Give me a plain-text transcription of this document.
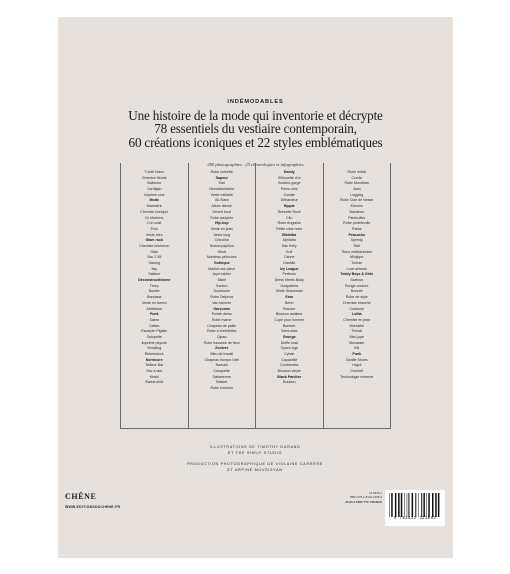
INDÉMODABLES
Une histoire de la mode qui inventorie et décrypte
78 essentiels du vestiaire contemporain,
60 créations iconiques et 22 styles emblématiques
280 photographies · 25 chronologies et infographies
T-shirt blanc
Chemise fleurie
Ballerine
Cardigan
Imprimé lune
Mods
Marinière
Chemise bonique
Dr Martens
Col roulé
Polo
Veste bleu
Glam rock
Chemise bûcheron
Gatu
Sac 2.55
Sarong
Itsy
Sailleur
Déconstructivisme
Trenç
Bustier
Bandana
Veste en tweed
Athleisure
Punk
Sabra
Caftan
Escarpin Pigalle
Salopette
Imprimé psyché
Smoking
Birkenstock
Normcore
Tailleur Bar
Sac à dos
Khaki
Sweat-shirt
Robe nuisette
Sapeur
Sari
Néoclassicisme
Veste militaire
All-Stars
Allure diesse
Desert boot
Robe sculptée
Hip-hop
Veste en jean
Veste long
Crinoline
Noeud papillon
Short
Manteau pétuches
Gothique
Maillot une pièce
Jupe-tablier
Bikini
Santon
Doudoune
Robe Delphos
Van bonnee
Garçonne
Pointe dress
Robe mame
Chapeau de paille
Robe à bretelettes
Qipao
Robe haussée de fleur
Zooters
Bleu de travail
Chapeau trompe-l'œil
Namaki
Casquette
Saharienne
Basket
Robe boutons
Dandy
Silhouette d'm
Soutien-gorge
Porno chic
Culotte
Débardeur
Hippie
Bresette Roxil
Cilu
Robe Anglaise
Petite robe noire
Bikiniba
Djellaba
Sac Kelly
Kufi
Canne
Dashiki
Ivy League
Perfecto
Dress Meets Body
Guayabera
Veste Shackman
Emo
Béret
Ravone
Blouson aviateur
Copé pour homme
Bomber
Semi-slice
Grunge
Duffle coat
Space Age
Cyban
Capadrille
Combinetta
Blouson vinyle
Black Panther
Boubou
Robe métal
Condo
Robe Mondrian
Jean
Legging
Robe Clair de Nesse
Kimono
Bandeau
Pantoufles
Robe portefeuille
Parka
Peacocks
Speedy
Rail
Tissu ombbarzinien
Minijupe
Turban
Love artwork
Teddy Boys & Girls
Sarbour
Rouge couture
Bonnet
Robe de style
Chemise blanche
Costume
Lolita
Chemise en jean
Monokini
Trench
Mini-jupe
Mocassin
Kilt
Punk
Giraffe Shoes
Hayol
Crochet
Technologie extreme
ILLUSTRATIONS DE TIMOTHY DURAND
ET THE SHELF STUDIO
PRODUCTION PHOTOGRAPHIQUE DE VIOLAINE CARRÈRE
ET ARPINÉ MOVSISYAN
CHÊNE
WWW.EDITIONSDUCHENE.FR
74-5645-1
ISBN 978-2-8123-2108-3
25,90 € PRIX TTC FRANCE
9 782812 321083
